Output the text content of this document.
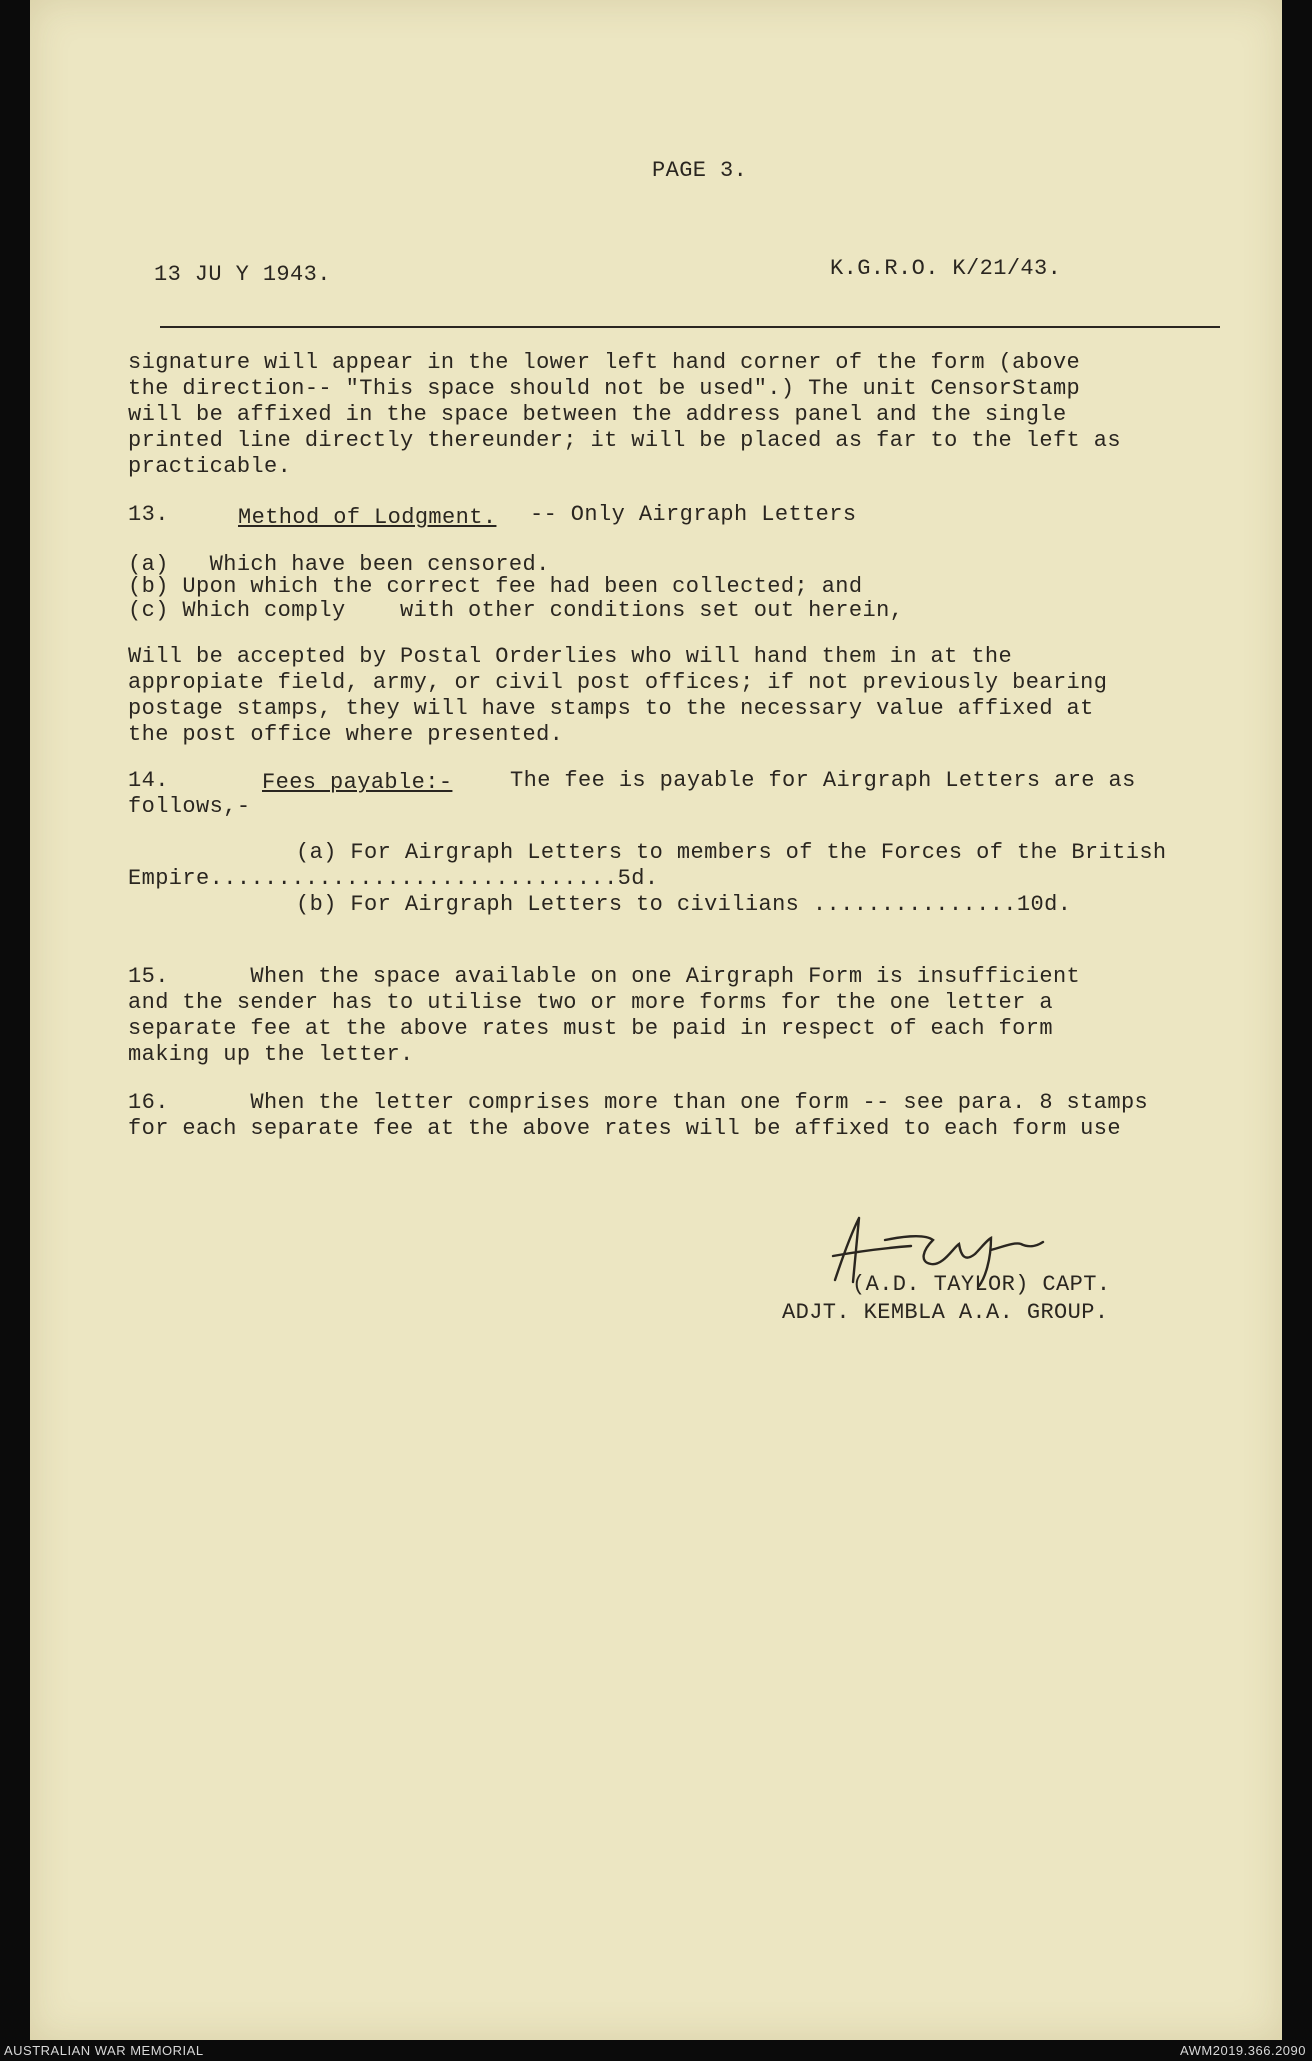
PAGE 3.
13 JU Y 1943.	K.G.R.O. K/21/43.
signature will appear in the lower left hand corner of the form (above
the direction-- "This space should not be used".) The unit CensorStamp
will be affixed in the space between the address panel and the single
printed line directly thereunder; it will be placed as far to the left as
practicable.
13.	Method of Lodgment. -- Only Airgraph Letters
(a)   Which have been censored.
(b) Upon which the correct fee had been collected; and
(c) Which comply    with other conditions set out herein,
Will be accepted by Postal Orderlies who will hand them in at the
appropiate field, army, or civil post offices; if not previously bearing
postage stamps, they will have stamps to the necessary value affixed at
the post office where presented.
14.	Fees payable:-	The fee is payable for Airgraph Letters are as
follows,-
(a) For Airgraph Letters to members of the Forces of the British
Empire..............................5d.
(b) For Airgraph Letters to civilians ...............10d.
15.      When the space available on one Airgraph Form is insufficient
and the sender has to utilise two or more forms for the one letter a
separate fee at the above rates must be paid in respect of each form
making up the letter.
16.      When the letter comprises more than one form -- see para. 8 stamps
for each separate fee at the above rates will be affixed to each form use
(A.D. TAYLOR) CAPT.
ADJT. KEMBLA A.A. GROUP.
AUSTRALIAN WAR MEMORIAL	AWM2019.366.2090
